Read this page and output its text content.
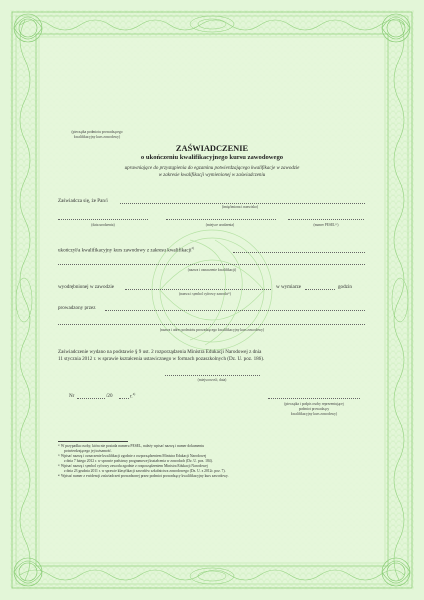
(pieczątka podmiotu prowadzącego
kwalifikacyjny kurs zawodowy)
ZAŚWIADCZENIE
o ukończeniu kwalifikacyjnego kursu zawodowego
uprawniające do przystąpienia do egzaminu potwierdzającego kwalifikacje w zawodzie
w zakresie kwalifikacji wymienionej w zaświadczeniu
Zaświadcza się, że Pan/i
(imię/imiona i nazwisko)
(data urodzenia)	(miejsce urodzenia)	(numer PESEL¹⁾)
ukończył/a kwalifikacyjny kurs zawodowy z zakresu kwalifikacji$^{2)}$
(nazwa i oznaczenie kwalifikacji)
wyodrębnionej w zawodzie	w wymiarze	godzin
(nazwa i symbol cyfrowy zawodu³⁾)
prowadzony przez
(nazwa i adres podmiotu prowadzącego kwalifikacyjny kurs zawodowy)
Zaświadczenie wydano na podstawie § 9 ust. 2 rozporządzenia Ministra Edukacji Narodowej z dnia
11 stycznia 2012 r. w sprawie kształcenia ustawicznego w formach pozaszkolnych (Dz. U. poz. 186).
(miejscowość, data)
Nr	/20	r.$^{4)}$
(pieczątka i podpis osoby reprezentującej
podmiot prowadzący
kwalifikacyjny kurs zawodowy)
¹⁾ W przypadku osoby, która nie posiada numeru PESEL, należy wpisać nazwę i numer dokumentu
potwierdzającego jej tożsamość.
²⁾ Wpisać nazwę i oznaczenie kwalifikacji zgodnie z rozporządzeniem Ministra Edukacji Narodowej
z dnia 7 lutego 2012 r. w sprawie podstawy programowej kształcenia w zawodach (Dz. U. poz. 184).
³⁾ Wpisać nazwę i symbol cyfrowy zawodu zgodnie z rozporządzeniem Ministra Edukacji Narodowej
z dnia 23 grudnia 2011 r. w sprawie klasyfikacji zawodów szkolnictwa zawodowego (Dz. U. z 2012r. poz. 7).
⁴⁾ Wpisać numer z ewidencji zaświadczeń prowadzonej przez podmiot prowadzący kwalifikacyjny kurs zawodowy.
